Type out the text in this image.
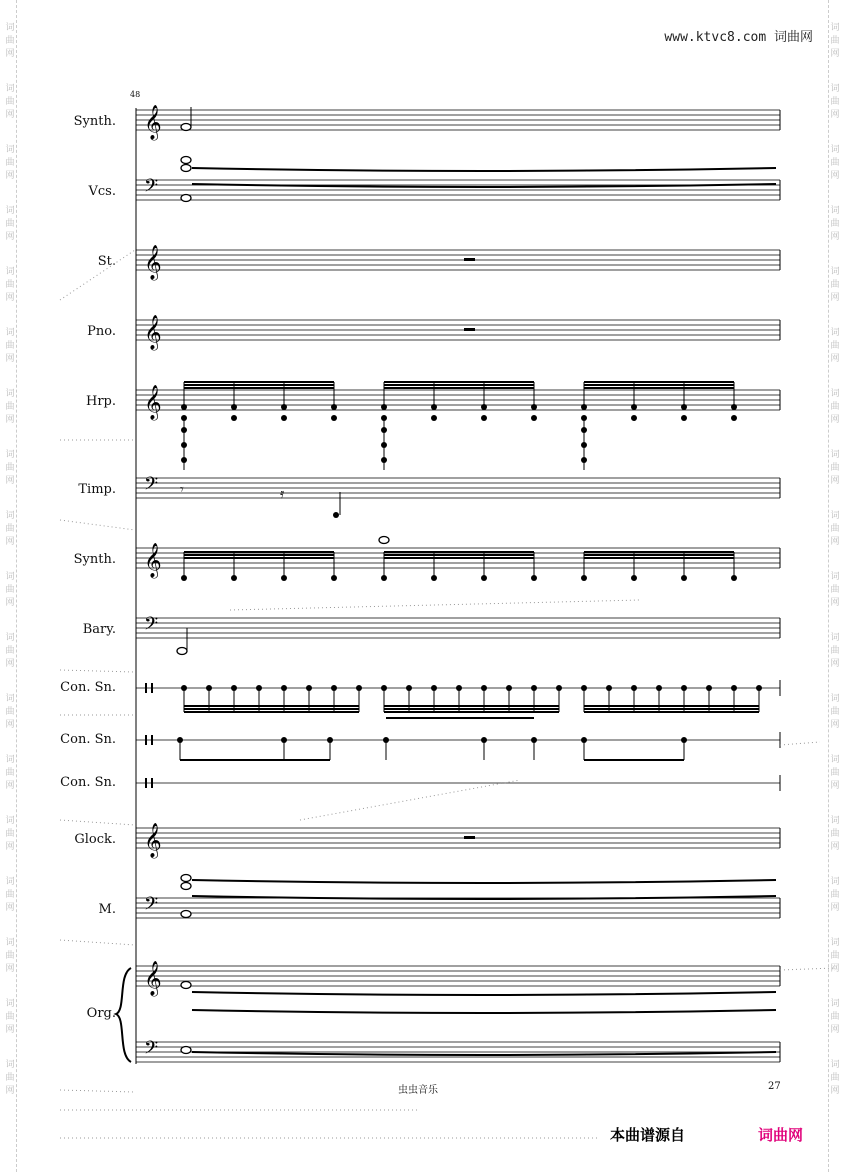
www.ktvc8.com 词曲网
词
曲
网
词
曲
网
词
曲
网
词
曲
网
词
曲
网
词
曲
网
词
曲
网
词
曲
网
词
曲
网
词
曲
网
词
曲
网
词
曲
网
词
曲
网
词
曲
网
词
曲
网
词
曲
网
词
曲
网
词
曲
网
词
曲
网
词
曲
网
词
曲
网
词
曲
网
词
曲
网
词
曲
网
词
曲
网
词
曲
网
词
曲
网
词
曲
网
词
曲
网
词
曲
网
词
曲
网
词
曲
网
词
曲
网
词
曲
网
词
曲
网
词
曲
网
48
Synth.
Vcs.
St.
Pno.
Hrp.
Timp.
Synth.
Bary.
Con. Sn.
Con. Sn.
Con. Sn.
Glock.
M.
Org.
𝄞
𝄢
𝄞
𝄞
𝄞
𝄢
𝄞
𝄢
𝄞
𝄢
𝄞
𝄢
𝄾	𝄿
虫虫音乐	27
本曲谱源自	词曲网
